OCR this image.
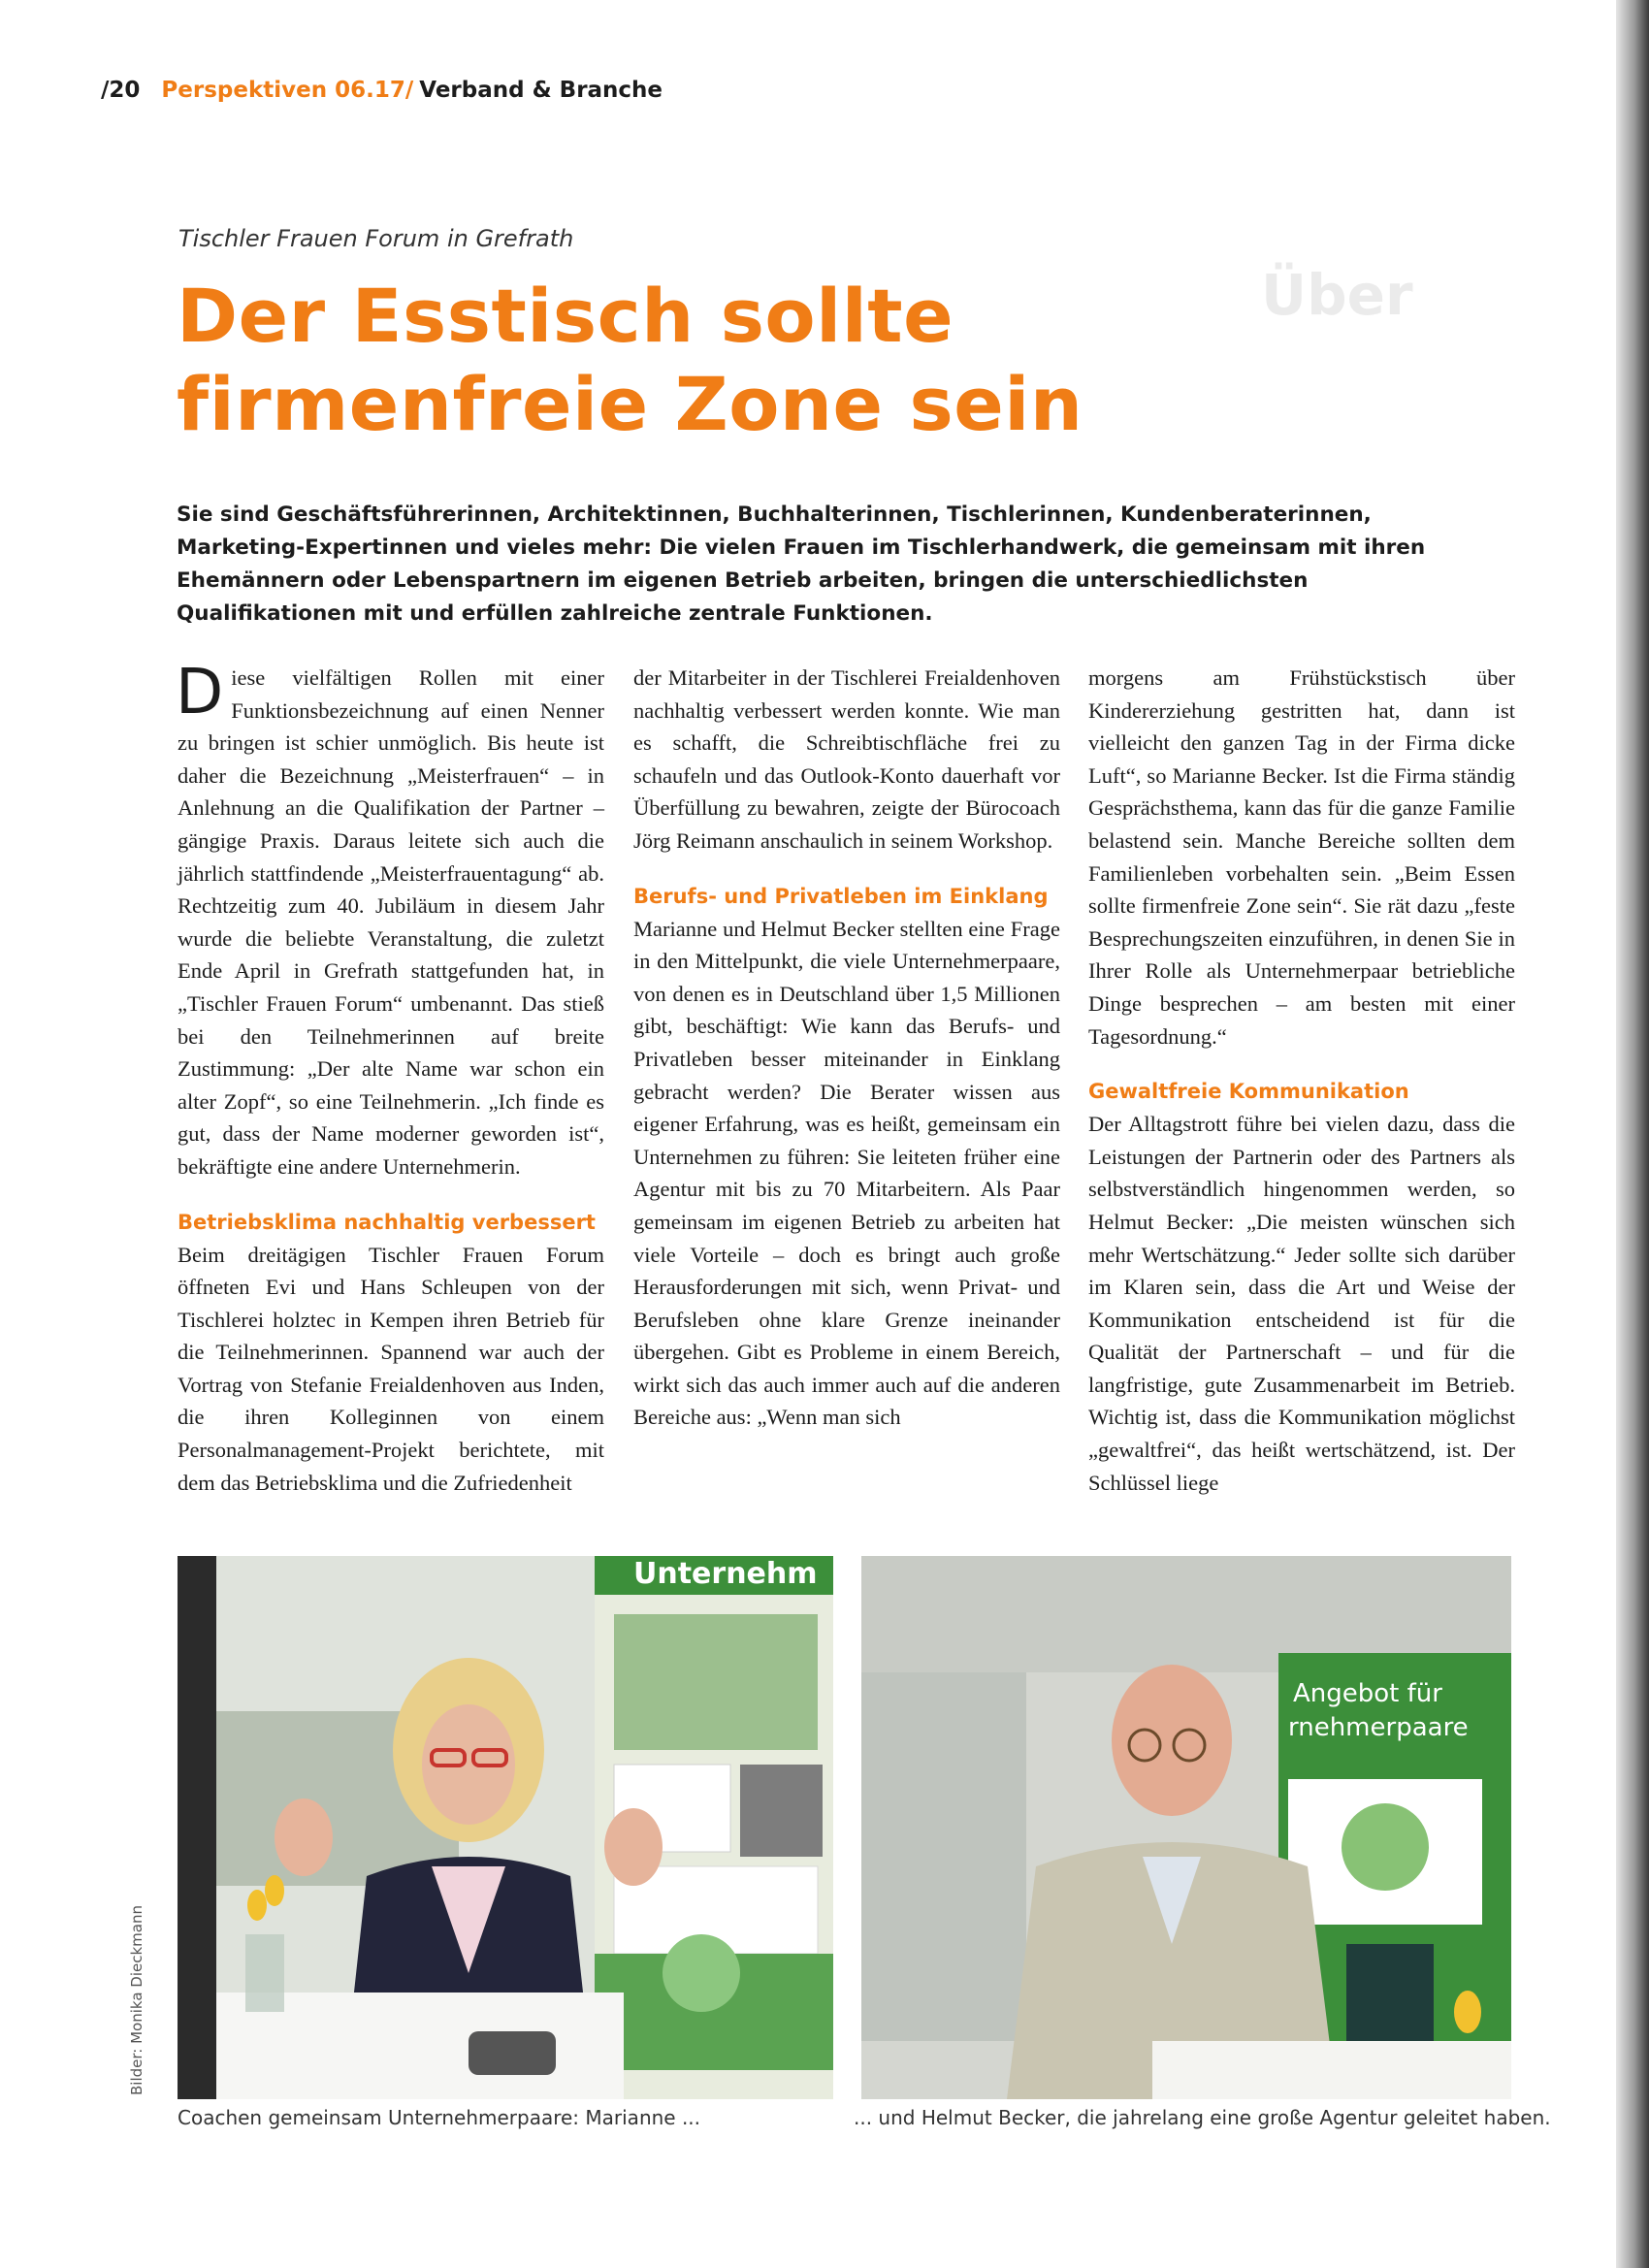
Über
/20 Perspektiven 06.17/ Verband & Branche
Tischler Frauen Forum in Grefrath
Der Esstisch sollte
firmenfreie Zone sein

Sie sind Geschäftsführerinnen, Architektinnen, Buchhalterinnen, Tischlerinnen, Kundenberaterinnen, Marketing-Expertinnen und vieles mehr: Die vielen Frauen im Tischlerhandwerk, die gemeinsam mit ihren Ehemännern oder Lebenspartnern im eigenen Betrieb arbeiten, bringen die unterschiedlichsten Qualifikationen mit und erfüllen zahlreiche zentrale Funktionen.

Diese vielfältigen Rollen mit einer Funktionsbezeichnung auf einen Nenner zu bringen ist schier unmöglich. Bis heute ist daher die Bezeichnung „Meisterfrauen“ – in Anlehnung an die Qualifikation der Partner – gängige Praxis. Daraus leitete sich auch die jährlich stattfindende „Meisterfrauentagung“ ab. Rechtzeitig zum 40. Jubiläum in diesem Jahr wurde die beliebte Veranstaltung, die zuletzt Ende April in Grefrath stattgefunden hat, in „Tischler Frauen Forum“ umbenannt. Das stieß bei den Teilnehmerinnen auf breite Zustimmung: „Der alte Name war schon ein alter Zopf“, so eine Teilnehmerin. „Ich finde es gut, dass der Name moderner geworden ist“, bekräftigte eine andere Unternehmerin.

Betriebsklima nachhaltig verbessert

Beim dreitägigen Tischler Frauen Forum öffneten Evi und Hans Schleupen von der Tischlerei holztec in Kempen ihren Betrieb für die Teilnehmerinnen. Spannend war auch der Vortrag von Stefanie Freialdenhoven aus Inden, die ihren Kolleginnen von einem Personalmanagement-Projekt berichtete, mit dem das Betriebsklima und die Zufriedenheit

der Mitarbeiter in der Tischlerei Freialdenhoven nachhaltig verbessert werden konnte. Wie man es schafft, die Schreibtischfläche frei zu schaufeln und das Outlook-Konto dauerhaft vor Überfüllung zu bewahren, zeigte der Bürocoach Jörg Reimann anschaulich in seinem Workshop.

Berufs- und Privatleben im Einklang

Marianne und Helmut Becker stellten eine Frage in den Mittelpunkt, die viele Unternehmerpaare, von denen es in Deutschland über 1,5 Millionen gibt, beschäftigt: Wie kann das Berufs- und Privatleben besser miteinander in Einklang gebracht werden? Die Berater wissen aus eigener Erfahrung, was es heißt, gemeinsam ein Unternehmen zu führen: Sie leiteten früher eine Agentur mit bis zu 70 Mitarbeitern. Als Paar gemeinsam im eigenen Betrieb zu arbeiten hat viele Vorteile – doch es bringt auch große Herausforderungen mit sich, wenn Privat- und Berufsleben ohne klare Grenze ineinander übergehen. Gibt es Probleme in einem Bereich, wirkt sich das auch immer auch auf die anderen Bereiche aus: „Wenn man sich

morgens am Frühstückstisch über Kindererziehung gestritten hat, dann ist vielleicht den ganzen Tag in der Firma dicke Luft“, so Marianne Becker. Ist die Firma ständig Gesprächsthema, kann das für die ganze Familie belastend sein. Manche Bereiche sollten dem Familienleben vorbehalten sein. „Beim Essen sollte firmenfreie Zone sein“. Sie rät dazu „feste Besprechungszeiten einzuführen, in denen Sie in Ihrer Rolle als Unternehmerpaar betriebliche Dinge besprechen – am besten mit einer Tagesordnung.“

Gewaltfreie Kommunikation

Der Alltagstrott führe bei vielen dazu, dass die Leistungen der Partnerin oder des Partners als selbstverständlich hingenommen werden, so Helmut Becker: „Die meisten wünschen sich mehr Wertschätzung.“ Jeder sollte sich darüber im Klaren sein, dass die Art und Weise der Kommunikation entscheidend ist für die Qualität der Partnerschaft – und für die langfristige, gute Zusammenarbeit im Betrieb. Wichtig ist, dass die Kommunikation möglichst „gewaltfrei“, das heißt wertschätzend, ist. Der Schlüssel liege

Unternehm
Angebot für
rnehmerpaare
Bilder: Monika Dieckmann
Coachen gemeinsam Unternehmerpaare: Marianne ...	... und Helmut Becker, die jahrelang eine große Agentur geleitet haben.
